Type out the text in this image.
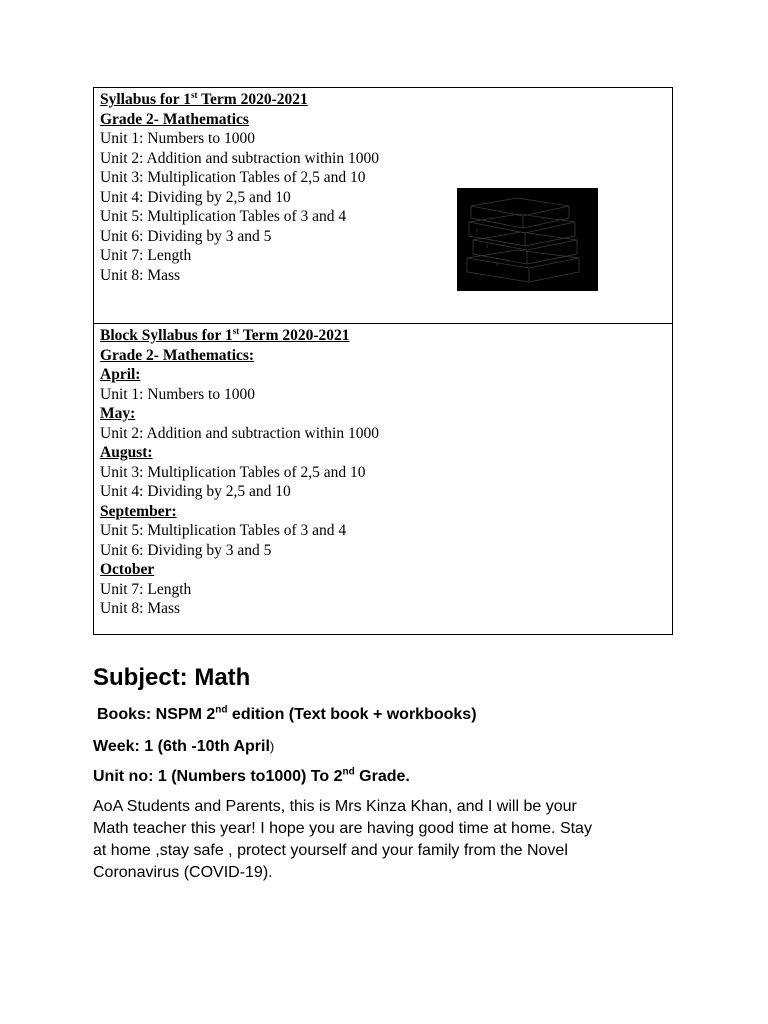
Syllabus for 1st Term 2020-2021
Grade 2- Mathematics
Unit 1: Numbers to 1000
Unit 2: Addition and subtraction within 1000
Unit 3: Multiplication Tables of 2,5 and 10
Unit 4: Dividing by 2,5 and 10
Unit 5: Multiplication Tables of 3 and 4
Unit 6: Dividing by 3 and 5
Unit 7: Length
Unit 8: Mass
Block Syllabus for 1st Term 2020-2021
Grade 2- Mathematics:
April:
Unit 1: Numbers to 1000
May:
Unit 2: Addition and subtraction within 1000
August:
Unit 3: Multiplication Tables of 2,5 and 10
Unit 4: Dividing by 2,5 and 10
September:
Unit 5: Multiplication Tables of 3 and 4
Unit 6: Dividing by 3 and 5
October
Unit 7: Length
Unit 8: Mass
Subject: Math
Books: NSPM 2nd edition (Text book + workbooks)
Week: 1 (6th -10th April)
Unit no: 1 (Numbers to1000) To 2nd Grade.
AoA Students and Parents, this is Mrs Kinza Khan, and I will be your
Math teacher this year! I hope you are having good time at home. Stay
at home ,stay safe , protect yourself and your family from the Novel
Coronavirus (COVID-19).
